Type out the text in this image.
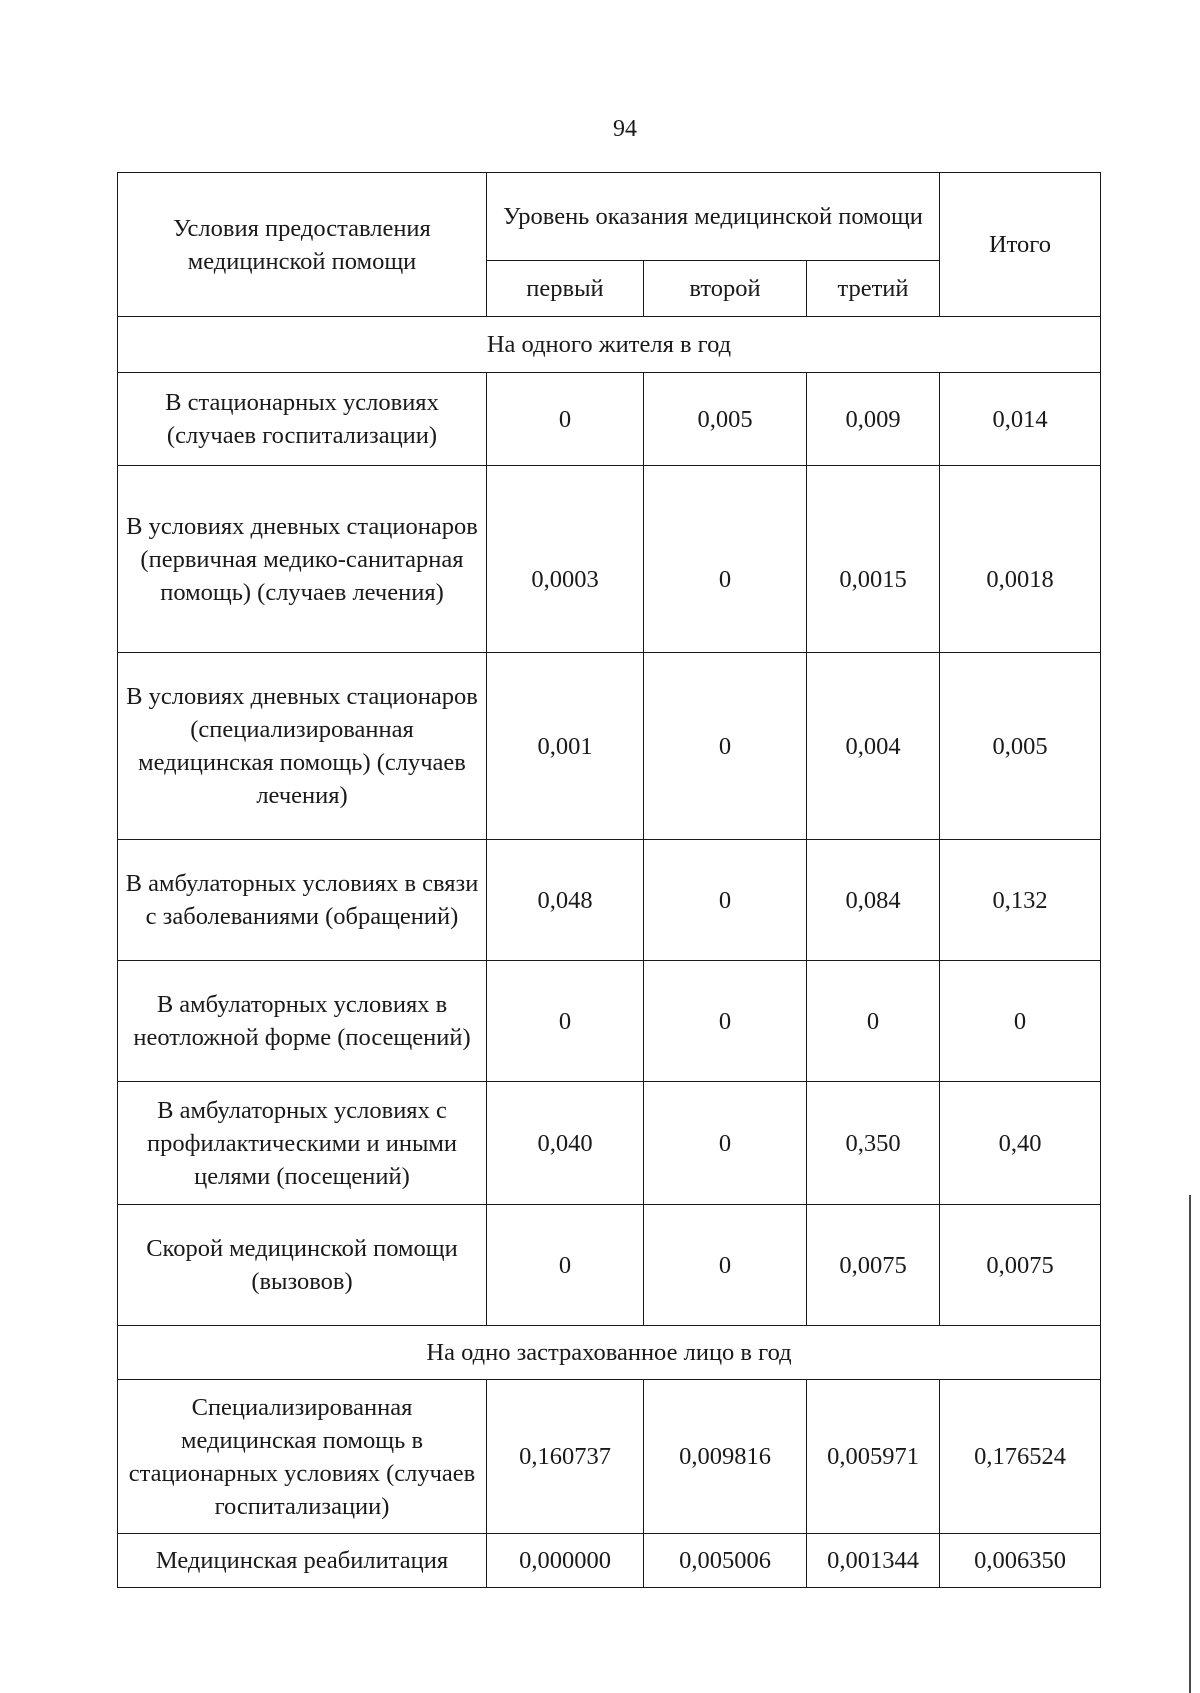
94
Условия предоставления медицинской помощи	Уровень оказания медицинской помощи			Итого
	первый	второй	третий	
На одного жителя в год				
В стационарных условиях (случаев госпитализации)	0	0,005	0,009	0,014
В условиях дневных стационаров (первичная медико-санитарная помощь) (случаев лечения)	0,0003	0	0,0015	0,0018
В условиях дневных стационаров (специализированная медицинская помощь) (случаев лечения)	0,001	0	0,004	0,005
В амбулаторных условиях в связи с заболеваниями (обращений)	0,048	0	0,084	0,132
В амбулаторных условиях в неотложной форме (посещений)	0	0	0	0
В амбулаторных условиях с профилактическими и иными целями (посещений)	0,040	0	0,350	0,40
Скорой медицинской помощи (вызовов)	0	0	0,0075	0,0075
На одно застрахованное лицо в год				
Специализированная медицинская помощь в стационарных условиях (случаев госпитализации)	0,160737	0,009816	0,005971	0,176524
Медицинская реабилитация	0,000000	0,005006	0,001344	0,006350
